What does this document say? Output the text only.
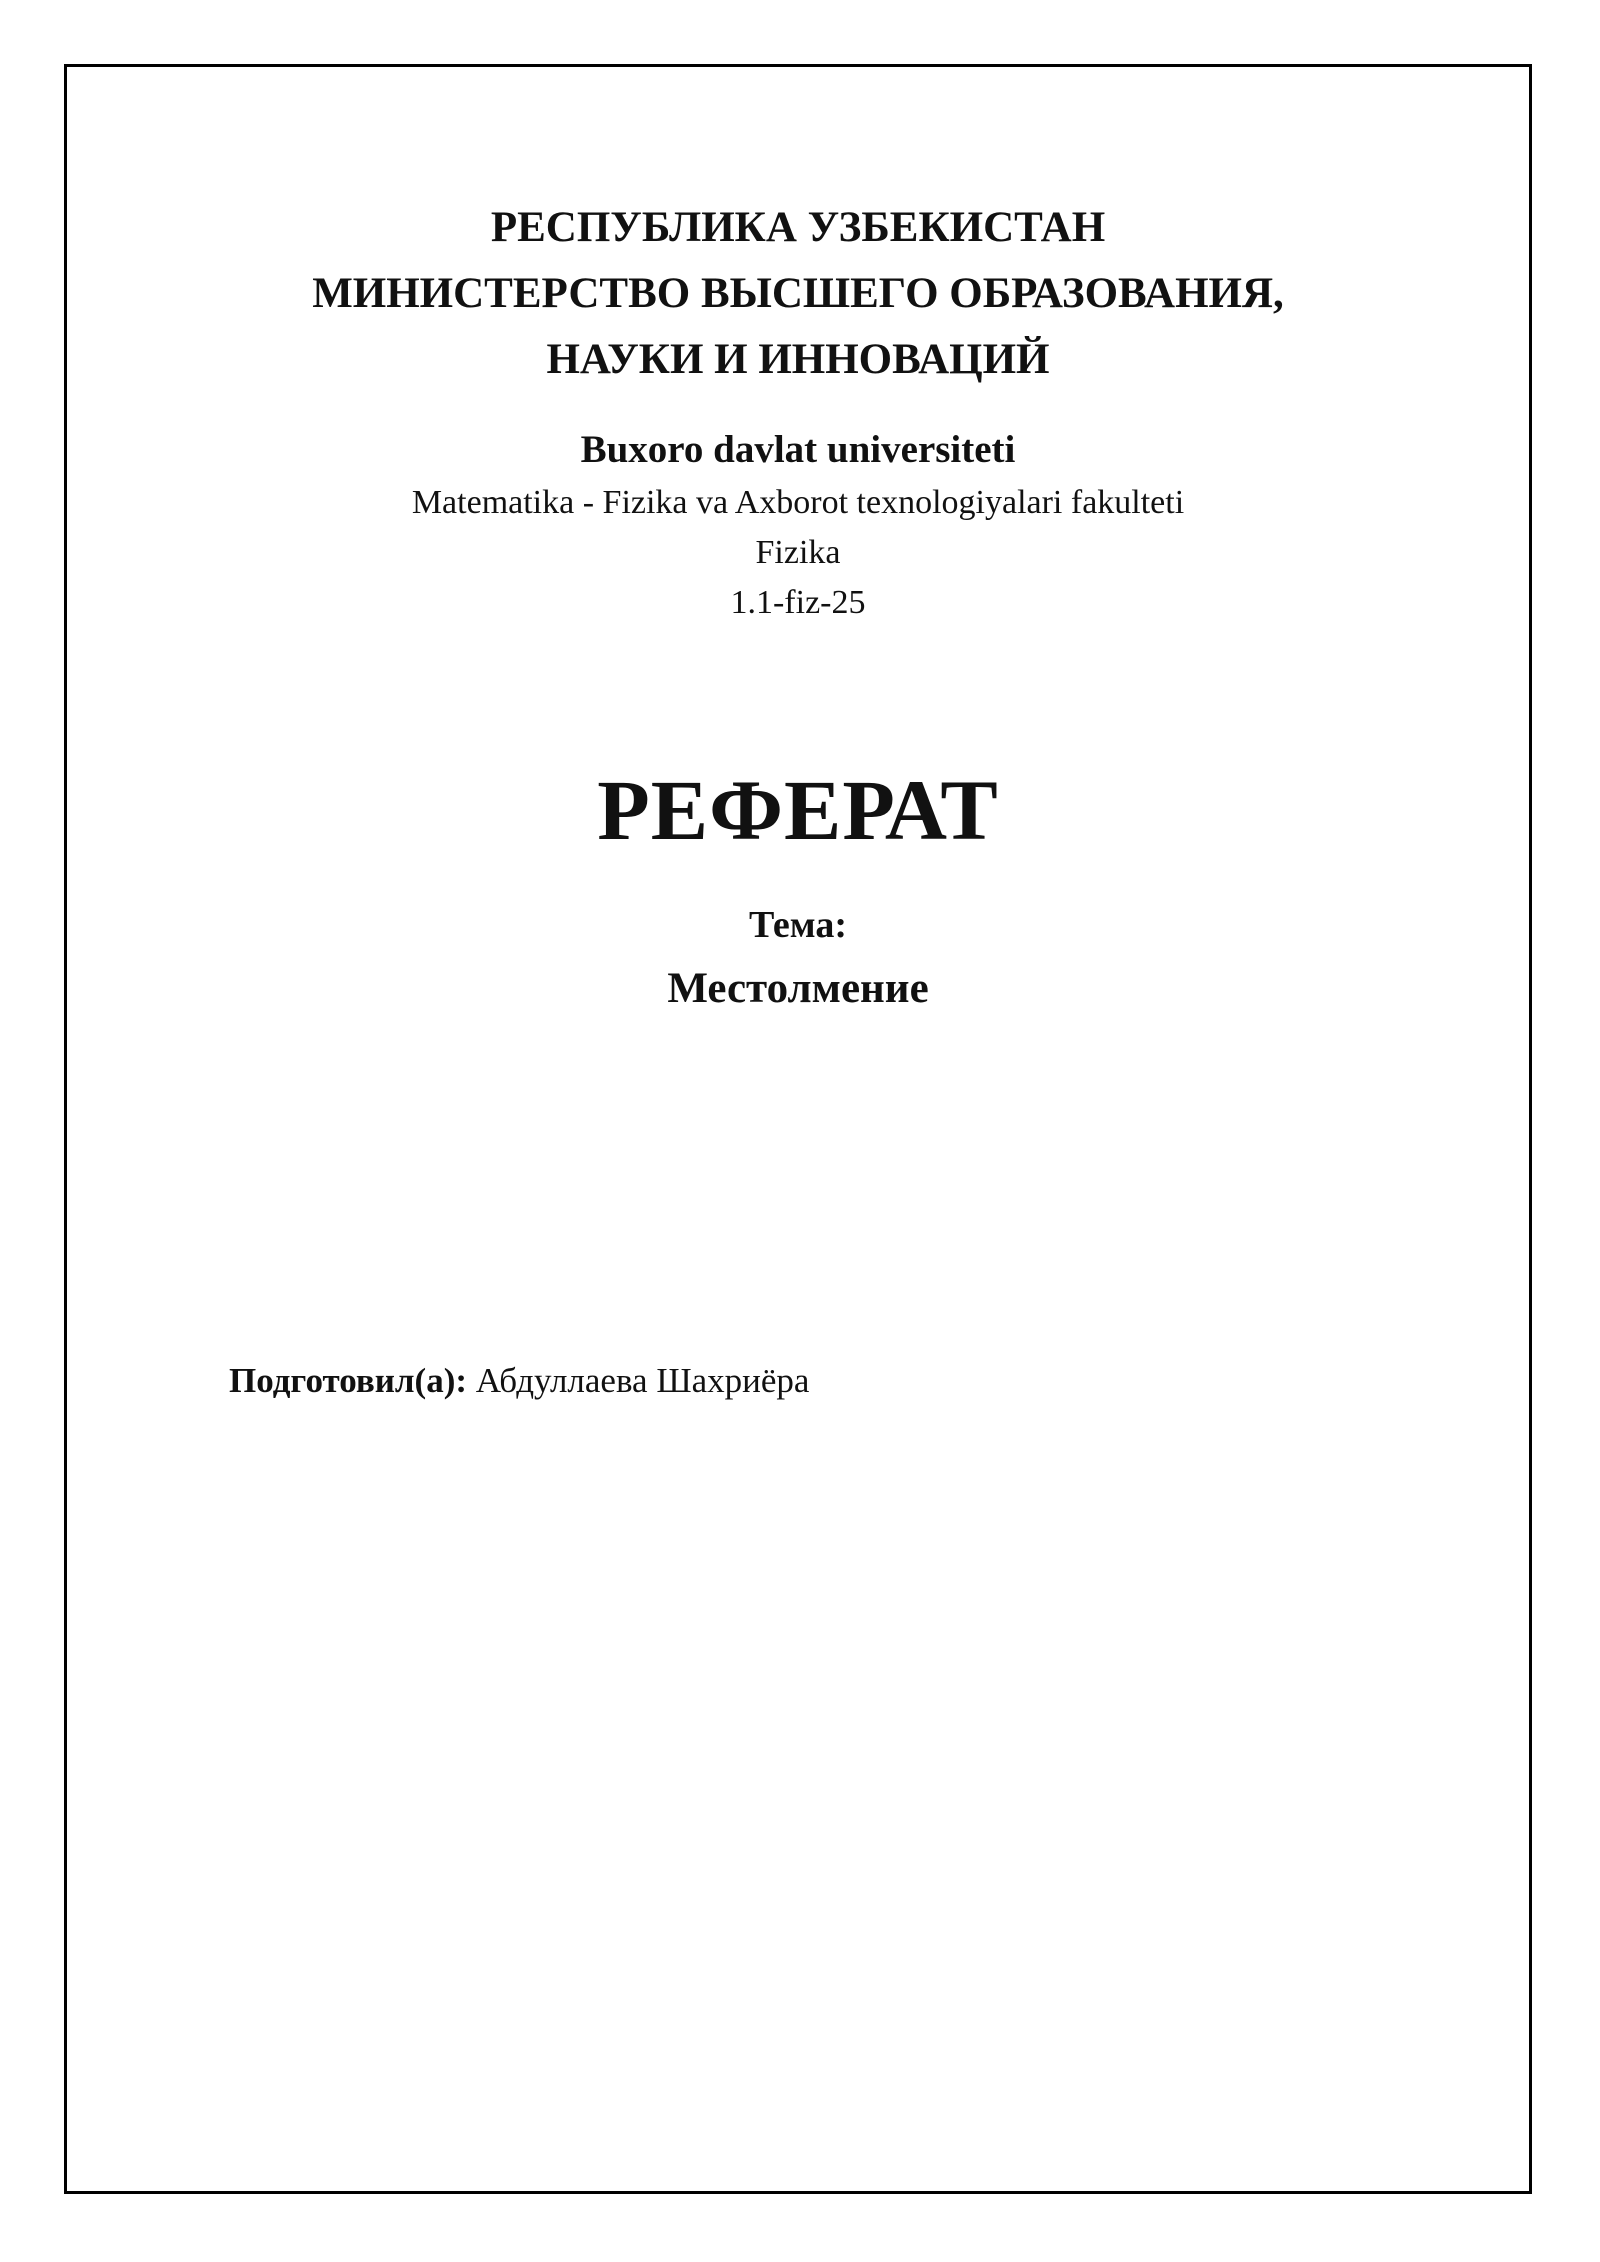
РЕСПУБЛИКА УЗБЕКИСТАН
МИНИСТЕРСТВО ВЫСШЕГО ОБРАЗОВАНИЯ,
НАУКИ И ИННОВАЦИЙ
Buxoro davlat universiteti
Matematika - Fizika va Axborot texnologiyalari fakulteti
Fizika
1.1-fiz-25
РЕФЕРАТ
Тема:
Местолмение
Подготовил(а): Абдуллаева Шахриёра
